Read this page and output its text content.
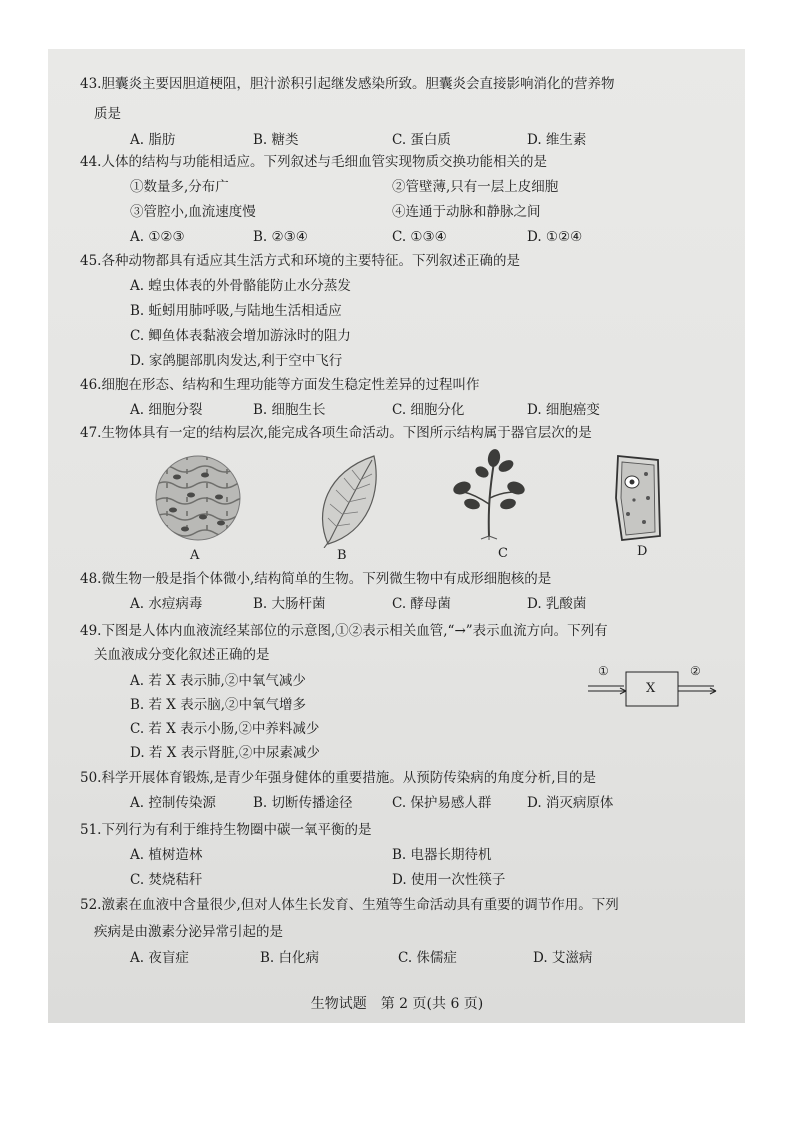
43.胆囊炎主要因胆道梗阻，胆汁淤积引起继发感染所致。胆囊炎会直接影响消化的营养物
质是
A. 脂肪	B. 糖类	C. 蛋白质	D. 维生素
44.人体的结构与功能相适应。下列叙述与毛细血管实现物质交换功能相关的是
①数量多,分布广	②管壁薄,只有一层上皮细胞
③管腔小,血流速度慢	④连通于动脉和静脉之间
A. ①②③	B. ②③④	C. ①③④	D. ①②④
45.各种动物都具有适应其生活方式和环境的主要特征。下列叙述正确的是
A. 蝗虫体表的外骨骼能防止水分蒸发
B. 蚯蚓用肺呼吸,与陆地生活相适应
C. 鲫鱼体表黏液会增加游泳时的阻力
D. 家鸽腿部肌肉发达,利于空中飞行
46.细胞在形态、结构和生理功能等方面发生稳定性差异的过程叫作
A. 细胞分裂	B. 细胞生长	C. 细胞分化	D. 细胞癌变
47.生物体具有一定的结构层次,能完成各项生命活动。下图所示结构属于器官层次的是
A	B	C	D
48.微生物一般是指个体微小,结构简单的生物。下列微生物中有成形细胞核的是
A. 水痘病毒	B. 大肠杆菌	C. 酵母菌	D. 乳酸菌
49.下图是人体内血液流经某部位的示意图,①②表示相关血管,“→”表示血流方向。下列有
关血液成分变化叙述正确的是
A. 若 X 表示肺,②中氧气减少
B. 若 X 表示脑,②中氧气增多
C. 若 X 表示小肠,②中养料减少
D. 若 X 表示肾脏,②中尿素减少
①
X
②
50.科学开展体育锻炼,是青少年强身健体的重要措施。从预防传染病的角度分析,目的是
A. 控制传染源	B. 切断传播途径	C. 保护易感人群	D. 消灭病原体
51.下列行为有利于维持生物圈中碳一氧平衡的是
A. 植树造林	B. 电器长期待机
C. 焚烧秸秆	D. 使用一次性筷子
52.激素在血液中含量很少,但对人体生长发育、生殖等生命活动具有重要的调节作用。下列
疾病是由激素分泌异常引起的是
A. 夜盲症	B. 白化病	C. 侏儒症	D. 艾滋病
生物试题　第 2 页(共 6 页)
